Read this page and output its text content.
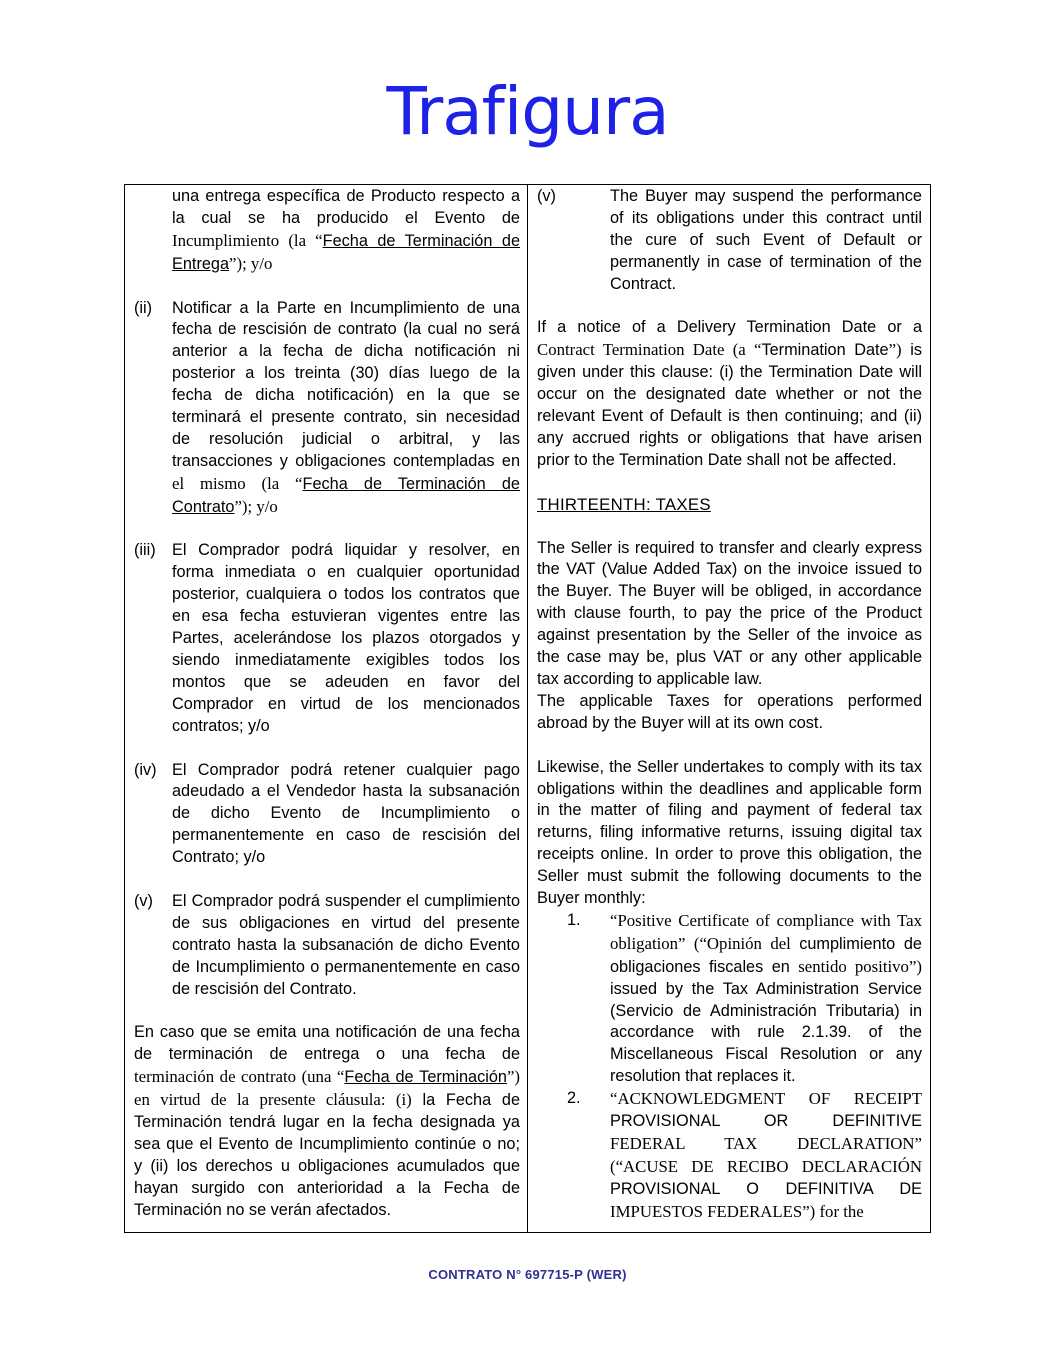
Trafigura

una entrega específica de Producto respecto a la cual se ha producido el Evento de Incumplimiento (la “Fecha de Terminación de Entrega”); y/o

(ii) Notificar a la Parte en Incumplimiento de una fecha de rescisión de contrato (la cual no será anterior a la fecha de dicha notificación ni posterior a los treinta (30) días luego de la fecha de dicha notificación) en la que se terminará el presente contrato, sin necesidad de resolución judicial o arbitral, y las transacciones y obligaciones contempladas en el mismo (la “Fecha de Terminación de Contrato”); y/o
(iii) El Comprador podrá liquidar y resolver, en forma inmediata o en cualquier oportunidad posterior, cualquiera o todos los contratos que en esa fecha estuvieran vigentes entre las Partes, acelerándose los plazos otorgados y siendo inmediatamente exigibles todos los montos que se adeuden en favor del Comprador en virtud de los mencionados contratos; y/o
(iv) El Comprador podrá retener cualquier pago adeudado a el Vendedor hasta la subsanación de dicho Evento de Incumplimiento o permanentemente en caso de rescisión del Contrato; y/o
(v) El Comprador podrá suspender el cumplimiento de sus obligaciones en virtud del presente contrato hasta la subsanación de dicho Evento de Incumplimiento o permanentemente en caso de rescisión del Contrato.

En caso que se emita una notificación de una fecha de terminación de entrega o una fecha de terminación de contrato (una “Fecha de Terminación”) en virtud de la presente cláusula: (i) la Fecha de Terminación tendrá lugar en la fecha designada ya sea que el Evento de Incumplimiento continúe o no; y (ii) los derechos u obligaciones acumulados que hayan surgido con anterioridad a la Fecha de Terminación no se verán afectados.

(v)	The Buyer may suspend the performance of its obligations under this contract until the cure of such Event of Default or permanently in case of termination of the Contract.

If a notice of a Delivery Termination Date or a Contract Termination Date (a “Termination Date”) is given under this clause: (i) the Termination Date will occur on the designated date whether or not the relevant Event of Default is then continuing; and (ii) any accrued rights or obligations that have arisen prior to the Termination Date shall not be affected.

THIRTEENTH: TAXES

The Seller is required to transfer and clearly express the VAT (Value Added Tax) on the invoice issued to the Buyer. The Buyer will be obliged, in accordance with clause fourth, to pay the price of the Product against presentation by the Seller of the invoice as the case may be, plus VAT or any other applicable tax according to applicable law.

The applicable Taxes for operations performed abroad by the Buyer will at its own cost.

Likewise, the Seller undertakes to comply with its tax obligations within the deadlines and applicable form in the matter of filing and payment of federal tax returns, filing informative returns, issuing digital tax receipts online. In order to prove this obligation, the Seller must submit the following documents to the Buyer monthly:

1. “Positive Certificate of compliance with Tax obligation” (“Opinión del cumplimiento de obligaciones fiscales en sentido positivo”) issued by the Tax Administration Service (Servicio de Administración Tributaria) in accordance with rule 2.1.39. of the Miscellaneous Fiscal Resolution or any resolution that replaces it.
2. “ACKNOWLEDGMENT OF RECEIPT PROVISIONAL OR DEFINITIVE FEDERAL TAX DECLARATION” (“ACUSE DE RECIBO DECLARACIÓN PROVISIONAL O DEFINITIVA DE IMPUESTOS FEDERALES”) for the
CONTRATO N° 697715-P (WER)
